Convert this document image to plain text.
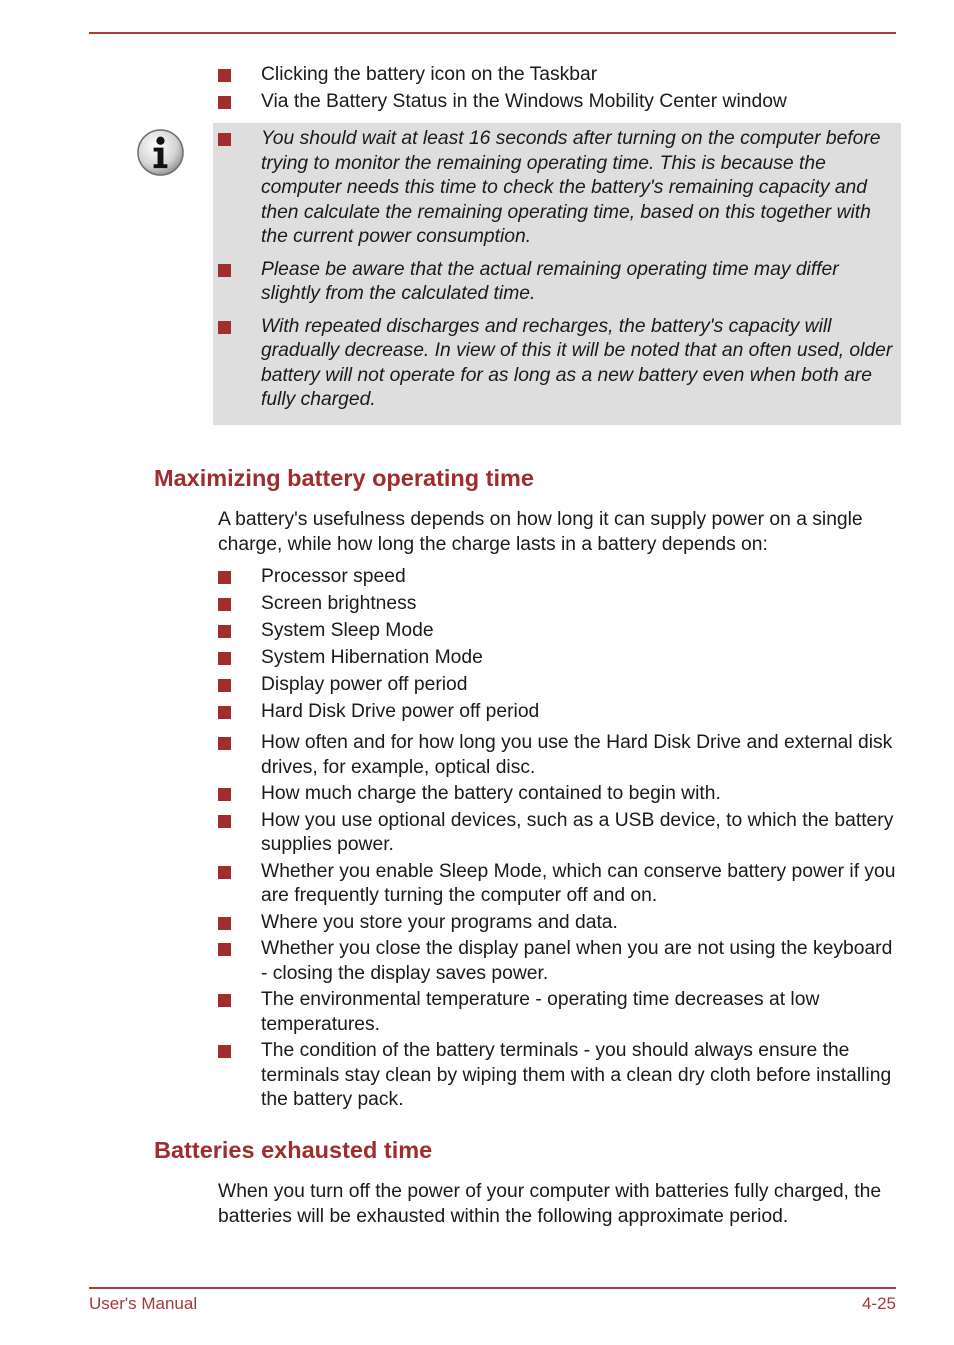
Clicking the battery icon on the Taskbar
Via the Battery Status in the Windows Mobility Center window
You should wait at least 16 seconds after turning on the computer before trying to monitor the remaining operating time. This is because the computer needs this time to check the battery's remaining capacity and then calculate the remaining operating time, based on this together with the current power consumption.
Please be aware that the actual remaining operating time may differ slightly from the calculated time.
With repeated discharges and recharges, the battery's capacity will gradually decrease. In view of this it will be noted that an often used, older battery will not operate for as long as a new battery even when both are fully charged.
Maximizing battery operating time

A battery's usefulness depends on how long it can supply power on a single charge, while how long the charge lasts in a battery depends on:

Processor speed
Screen brightness
System Sleep Mode
System Hibernation Mode
Display power off period
Hard Disk Drive power off period
How often and for how long you use the Hard Disk Drive and external disk drives, for example, optical disc.
How much charge the battery contained to begin with.
How you use optional devices, such as a USB device, to which the battery supplies power.
Whether you enable Sleep Mode, which can conserve battery power if you are frequently turning the computer off and on.
Where you store your programs and data.
Whether you close the display panel when you are not using the keyboard - closing the display saves power.
The environmental temperature - operating time decreases at low temperatures.
The condition of the battery terminals - you should always ensure the terminals stay clean by wiping them with a clean dry cloth before installing the battery pack.
Batteries exhausted time

When you turn off the power of your computer with batteries fully charged, the batteries will be exhausted within the following approximate period.

User's Manual	4-25
